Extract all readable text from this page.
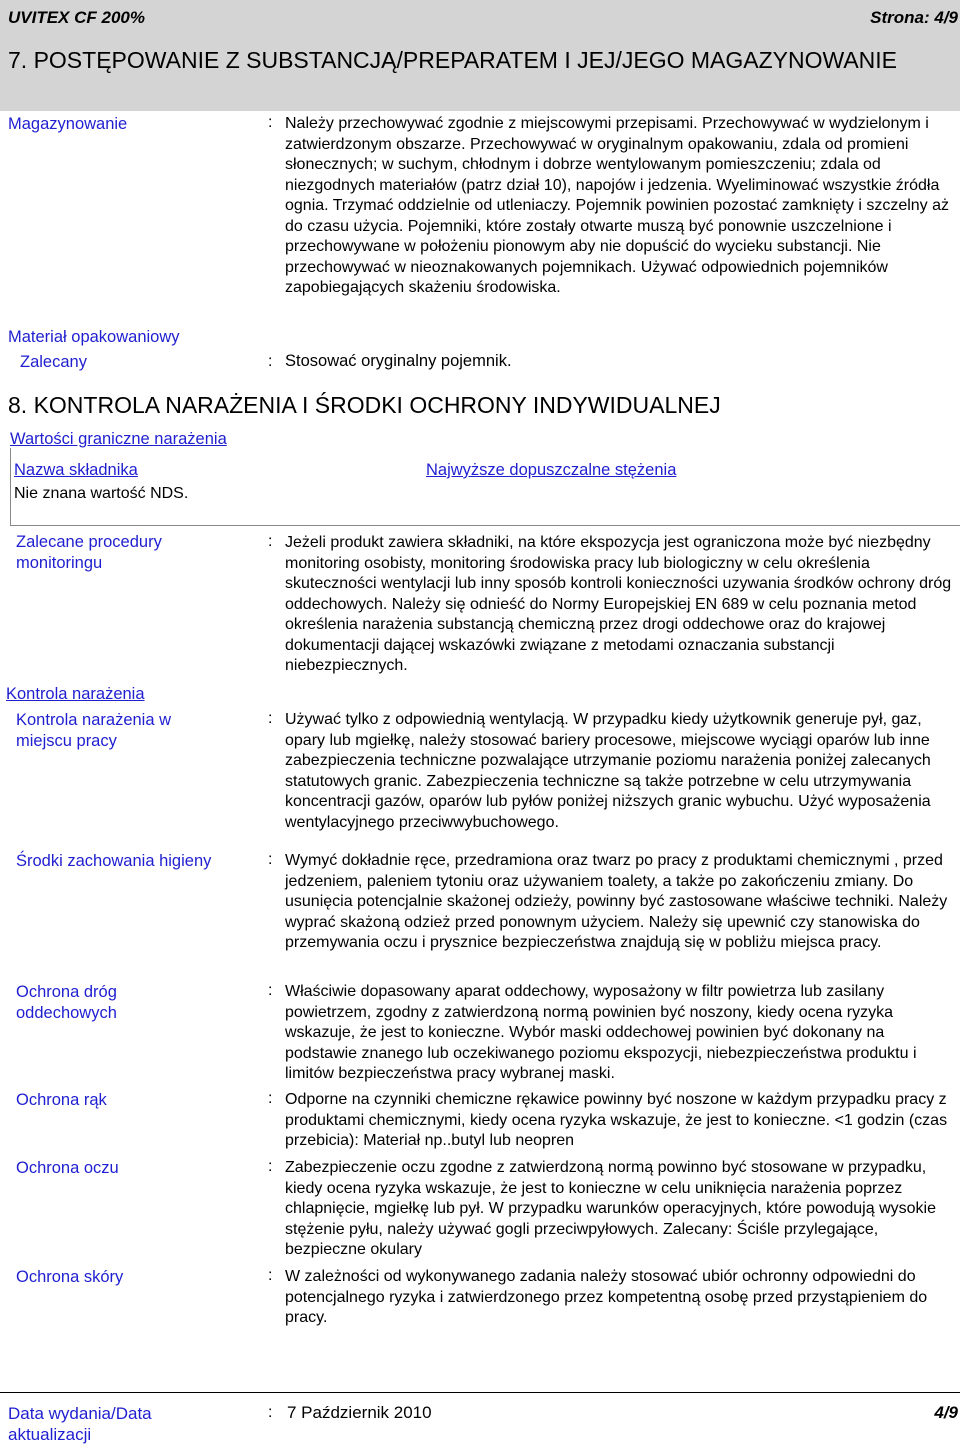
UVITEX CF 200%	Strona: 4/9
7. POSTĘPOWANIE Z SUBSTANCJĄ/PREPARATEM I JEJ/JEGO MAGAZYNOWANIE
Magazynowanie	: Należy przechowywać zgodnie z miejscowymi przepisami. Przechowywać w wydzielonym i zatwierdzonym obszarze. Przechowywać w oryginalnym opakowaniu, zdala od promieni słonecznych; w suchym, chłodnym i dobrze wentylowanym pomieszczeniu; zdala od niezgodnych materiałów (patrz dział 10), napojów i jedzenia. Wyeliminować wszystkie źródła ognia. Trzymać oddzielnie od utleniaczy. Pojemnik powinien pozostać zamknięty i szczelny aż do czasu użycia. Pojemniki, które zostały otwarte muszą być ponownie uszczelnione i przechowywane w położeniu pionowym aby nie dopuścić do wycieku substancji. Nie przechowywać w nieoznakowanych pojemnikach. Używać odpowiednich pojemników zapobiegających skażeniu środowiska.
Materiał opakowaniowy
Zalecany	: Stosować oryginalny pojemnik.
8. KONTROLA NARAŻENIA I ŚRODKI OCHRONY INDYWIDUALNEJ
Wartości graniczne narażenia
Nazwa składnika	Najwyższe dopuszczalne stężenia
Nie znana wartość NDS.
Zalecane procedury monitoringu
: Jeżeli produkt zawiera składniki, na które ekspozycja jest ograniczona może być niezbędny monitoring osobisty, monitoring środowiska pracy lub biologiczny w celu określenia skuteczności wentylacji lub inny sposób kontroli konieczności uzywania środków ochrony dróg oddechowych. Należy się odnieść do Normy Europejskiej EN 689 w celu poznania metod określenia narażenia substancją chemiczną przez drogi oddechowe oraz do krajowej dokumentacji dającej wskazówki związane z metodami oznaczania substancji niebezpiecznych.
Kontrola narażenia
Kontrola narażenia w miejscu pracy
: Używać tylko z odpowiednią wentylacją. W przypadku kiedy użytkownik generuje pył, gaz, opary lub mgiełkę, należy stosować bariery procesowe, miejscowe wyciągi oparów lub inne zabezpieczenia techniczne pozwalające utrzymanie poziomu narażenia poniżej zalecanych statutowych granic. Zabezpieczenia techniczne są także potrzebne w celu utrzymywania koncentracji gazów, oparów lub pyłów poniżej niższych granic wybuchu. Użyć wyposażenia wentylacyjnego przeciwwybuchowego.
Środki zachowania higieny	: Wymyć dokładnie ręce, przedramiona oraz twarz po pracy z produktami chemicznymi , przed jedzeniem, paleniem tytoniu oraz używaniem toalety, a także po zakończeniu zmiany. Do usunięcia potencjalnie skażonej odzieży, powinny być zastosowane właściwe techniki. Należy wyprać skażoną odzież przed ponownym użyciem. Należy się upewnić czy stanowiska do przemywania oczu i prysznice bezpieczeństwa znajdują się w pobliżu miejsca pracy.
Ochrona dróg oddechowych
: Właściwie dopasowany aparat oddechowy, wyposażony w filtr powietrza lub zasilany powietrzem, zgodny z zatwierdzoną normą powinien być noszony, kiedy ocena ryzyka wskazuje, że jest to konieczne. Wybór maski oddechowej powinien być dokonany na podstawie znanego lub oczekiwanego poziomu ekspozycji, niebezpieczeństwa produktu i limitów bezpieczeństwa pracy wybranej maski.
Ochrona rąk	: Odporne na czynniki chemiczne rękawice powinny być noszone w każdym przypadku pracy z produktami chemicznymi, kiedy ocena ryzyka wskazuje, że jest to konieczne. <1 godzin (czas przebicia): Materiał np..butyl lub neopren
Ochrona oczu	: Zabezpieczenie oczu zgodne z zatwierdzoną normą powinno być stosowane w przypadku, kiedy ocena ryzyka wskazuje, że jest to konieczne w celu uniknięcia narażenia poprzez chlapnięcie, mgiełkę lub pył. W przypadku warunków operacyjnych, które powodują wysokie stężenie pyłu, należy używać gogli przeciwpyłowych. Zalecany: Ściśle przylegające, bezpieczne okulary
Ochrona skóry	: W zależności od wykonywanego zadania należy stosować ubiór ochronny odpowiedni do potencjalnego ryzyka i zatwierdzonego przez kompetentną osobę przed przystąpieniem do pracy.
Data wydania/Data aktualizacji
: 7 Październik 2010	4/9
